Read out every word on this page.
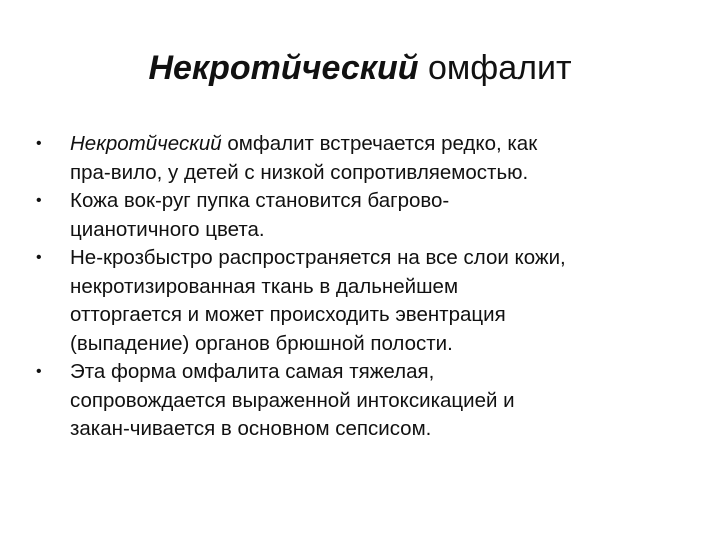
Некротйческий омфалит
•	Некротйческий омфалит встречается редко, как
пра-вило, у детей с низкой сопротивляемостью.
•	Кожа вок-руг пупка становится багрово-
цианотичного цвета.
•	Не-крозбыстро распространяется на все слои кожи,
некротизированная ткань в дальнейшем
отторгается и может происходить эвентрация
(выпадение) органов брюшной полости.
•	Эта форма омфалита самая тяжелая,
сопровождается выраженной интоксикацией и
закан-чивается в основном сепсисом.
